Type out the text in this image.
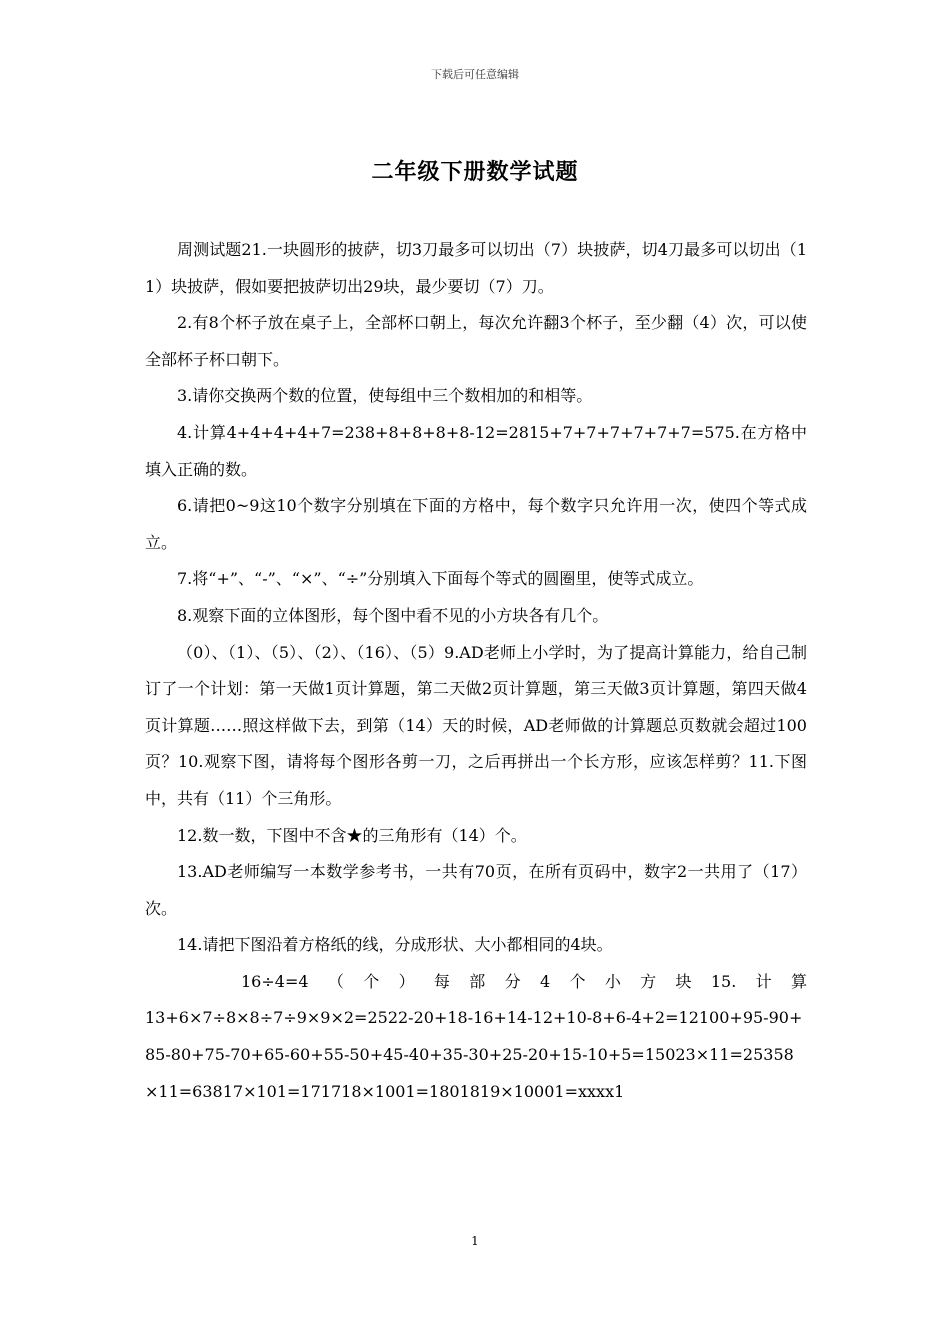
下载后可任意编辑
二年级下册数学试题

周测试题21.一块圆形的披萨，切3刀最多可以切出（7）块披萨，切4刀最多可以切出（11）块披萨，假如要把披萨切出29块，最少要切（7）刀。

2.有8个杯子放在桌子上，全部杯口朝上，每次允许翻3个杯子，至少翻（4）次，可以使全部杯子杯口朝下。

3.请你交换两个数的位置，使每组中三个数相加的和相等。

4.计算4+4+4+4+7=238+8+8+8+8-12=2815+7+7+7+7+7+7=575.在方格中填入正确的数。

6.请把0~9这10个数字分别填在下面的方格中，每个数字只允许用一次，使四个等式成立。

7.将“+”、“-”、“×”、“÷”分别填入下面每个等式的圆圈里，使等式成立。

8.观察下面的立体图形，每个图中看不见的小方块各有几个。

（0）、（1）、（5）、（2）、（16）、（5）9.AD老师上小学时，为了提高计算能力，给自己制订了一个计划：第一天做1页计算题，第二天做2页计算题，第三天做3页计算题，第四天做4页计算题……照这样做下去，到第（14）天的时候，AD老师做的计算题总页数就会超过100页？10.观察下图，请将每个图形各剪一刀，之后再拼出一个长方形，应该怎样剪？11.下图中，共有（11）个三角形。

12.数一数，下图中不含★的三角形有（14）个。

13.AD老师编写一本数学参考书，一共有70页，在所有页码中，数字2一共用了（17）次。

14.请把下图沿着方格纸的线，分成形状、大小都相同的4块。

16÷4=4（个）每部分4个小方块15.计算

13+6×7÷8×8÷7÷9×9×2=2522-20+18-16+14-12+10-8+6-4+2=12100+95-90+85-80+75-70+65-60+55-50+45-40+35-30+25-20+15-10+5=15023×11=25358×11=63817×101=171718×1001=1801819×10001=xxxx1

1
